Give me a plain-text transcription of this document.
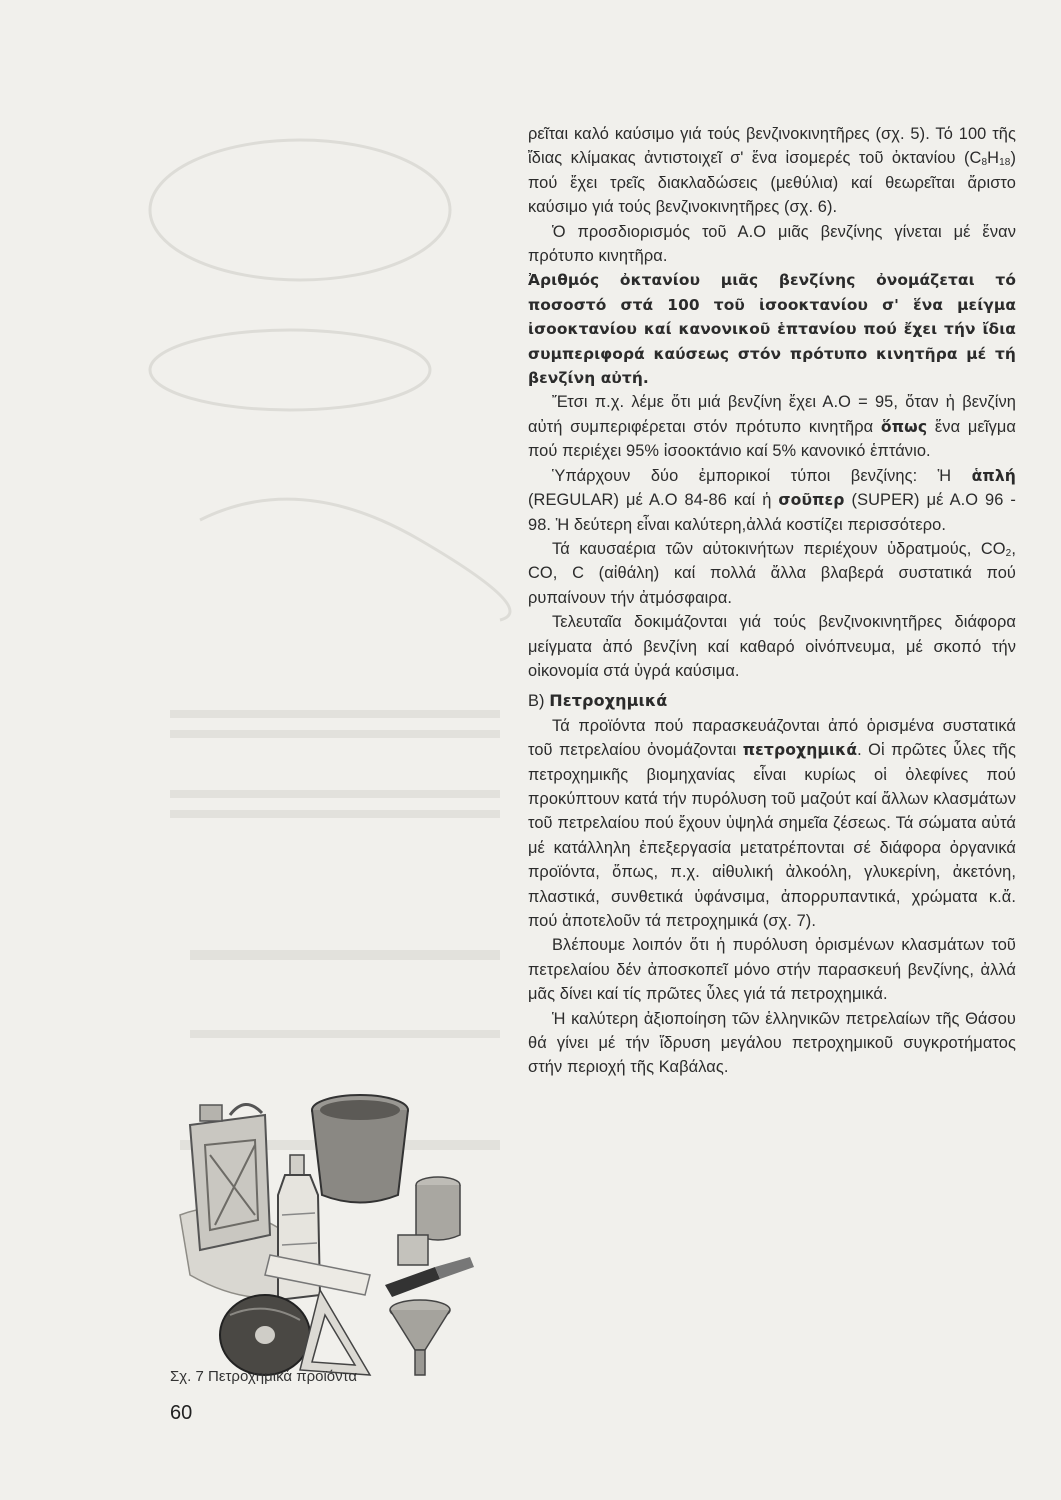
ρεῖται καλό καύσιμο γιά τούς βενζινοκινητῆρες (σχ. 5). Τό 100 τῆς ἴδιας κλίμακας ἀντιστοιχεῖ σ' ἕνα ἰσομερές τοῦ ὀκτανίου $(C_8H_{18})$ πού ἔχει τρεῖς διακλαδώσεις (μεθύλια) καί θεωρεῖται ἄριστο καύσιμο γιά τούς βενζινοκινητῆρες (σχ. 6).

Ὁ προσδιορισμός τοῦ Α.Ο μιᾶς βενζίνης γίνεται μέ ἕναν πρότυπο κινητῆρα.

Ἀριθμός ὀκτανίου μιᾶς βενζίνης ὀνομάζεται τό ποσοστό στά 100 τοῦ ἰσοοκτανίου σ' ἕνα μείγμα ἰσοοκτανίου καί κανονικοῦ ἑπτανίου πού ἔχει τήν ἴδια συμπεριφορά καύσεως στόν πρότυπο κινητῆρα μέ τή βενζίνη αὐτή.

Ἔτσι π.χ. λέμε ὅτι μιά βενζίνη ἔχει Α.Ο = 95, ὅταν ἡ βενζίνη αὐτή συμπεριφέρεται στόν πρότυπο κινητῆρα ὅπως ἕνα μεῖγμα πού περιέχει 95% ἰσοοκτάνιο καί 5% κανονικό ἑπτάνιο.

Ὑπάρχουν δύο ἐμπορικοί τύποι βενζίνης: Ἡ ἁπλή (REGULAR) μέ Α.Ο 84-86 καί ἡ σοῦπερ (SUPER) μέ Α.Ο 96 - 98. Ἡ δεύτερη εἶναι καλύτερη,ἀλλά κοστίζει περισσότερο.

Τά καυσαέρια τῶν αὐτοκινήτων περιέχουν ὑδρατμούς, $CO_2$, CO, C (αἰθάλη) καί πολλά ἄλλα βλαβερά συστατικά πού ρυπαίνουν τήν ἀτμόσφαιρα.

Τελευταῖα δοκιμάζονται γιά τούς βενζινοκινητῆρες διάφορα μείγματα ἀπό βενζίνη καί καθαρό οἰνόπνευμα, μέ σκοπό τήν οἰκονομία στά ὑγρά καύσιμα.

Β) Πετροχημικά

Τά προϊόντα πού παρασκευάζονται ἀπό ὁρισμένα συστατικά τοῦ πετρελαίου ὀνομάζονται πετροχημικά. Οἱ πρῶτες ὗλες τῆς πετροχημικῆς βιομηχανίας εἶναι κυρίως οἱ ὀλεφίνες πού προκύπτουν κατά τήν πυρόλυση τοῦ μαζούτ καί ἄλλων κλασμάτων τοῦ πετρελαίου πού ἔχουν ὑψηλά σημεῖα ζέσεως. Τά σώματα αὐτά μέ κατάλληλη ἐπεξεργασία μετατρέπονται σέ διάφορα ὀργανικά προϊόντα, ὅπως, π.χ. αἰθυλική ἀλκοόλη, γλυκερίνη, ἀκετόνη, πλαστικά, συνθετικά ὑφάνσιμα, ἀπορρυπαντικά, χρώματα κ.ἄ. πού ἀποτελοῦν τά πετροχημικά (σχ. 7).

Βλέπουμε λοιπόν ὅτι ἡ πυρόλυση ὁρισμένων κλασμάτων τοῦ πετρελαίου δέν ἀποσκοπεῖ μόνο στήν παρασκευή βενζίνης, ἀλλά μᾶς δίνει καί τίς πρῶτες ὗλες γιά τά πετροχημικά.

Ἡ καλύτερη ἀξιοποίηση τῶν ἑλληνικῶν πετρελαίων τῆς Θάσου θά γίνει μέ τήν ἵδρυση μεγάλου πετροχημικοῦ συγκροτήματος στήν περιοχή τῆς Καβάλας.

Σχ. 7 Πετροχημικά προϊόντα
60
